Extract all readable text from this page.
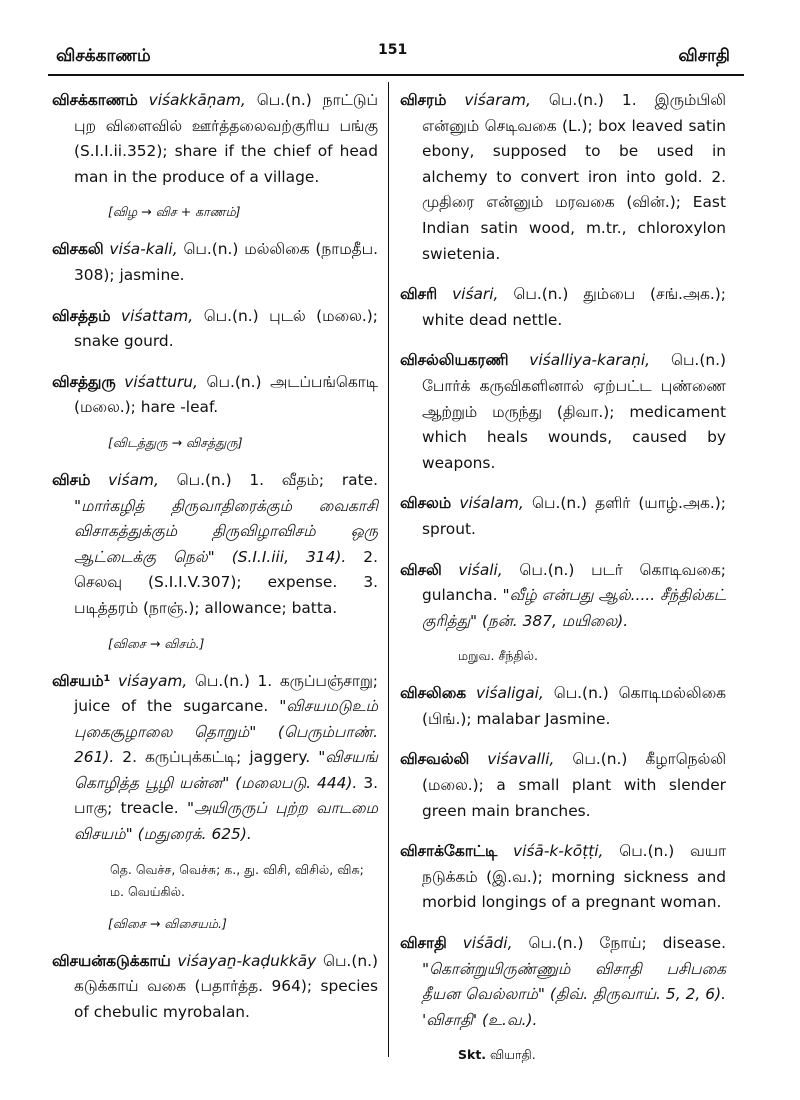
விசக்காணம்	151	விசாதி

விசக்காணம் viśakkāṇam, பெ.(n.) நாட்டுப் புற விளைவில் ஊர்த்தலைவற்குரிய பங்கு (S.I.I.ii.352); share if the chief of head man in the produce of a village.

[விழ → விச + காணம்]

விசகலி viśa-kali, பெ.(n.) மல்லிகை (நாமதீப. 308); jasmine.

விசத்தம் viśattam, பெ.(n.) புடல் (மலை.); snake gourd.

விசத்துரு viśatturu, பெ.(n.) அடப்பங்கொடி (மலை.); hare -leaf.

[விடத்துரு → விசத்துரு]

விசம் viśam, பெ.(n.) 1. வீதம்; rate. "மார்கழித் திருவாதிரைக்கும் வைகாசி விசாகத்துக்கும் திருவிழாவிசம் ஒரு ஆட்டைக்கு நெல்" (S.I.I.iii, 314). 2. செலவு (S.I.I.V.307); expense. 3. படித்தரம் (நாஞ்.); allowance; batta.

[விசை → விசம்.]

விசயம்¹ viśayam, பெ.(n.) 1. கருப்பஞ்சாறு; juice of the sugarcane. "விசயமடுஉம் புகைசூழாலை தொறும்" (பெரும்பாண். 261). 2. கருப்புக்கட்டி; jaggery. "விசயங் கொழித்த பூழி யன்ன" (மலைபடு. 444). 3. பாகு; treacle. "அயிருருப் புற்ற வாடமை விசயம்" (மதுரைக். 625).

தெ. வெச்ச, வெச்சு; க., து. விசி, விசில், விசு; ம. வெய்கில்.
[விசை → விசையம்.]

விசயன்கடுக்காய் viśayaṉ-kaḍukkāy பெ.(n.) கடுக்காய் வகை (பதார்த்த. 964); species of chebulic myrobalan.

விசரம் viśaram, பெ.(n.) 1. இரும்பிலி என்னும் செடிவகை (L.); box leaved satin ebony, supposed to be used in alchemy to convert iron into gold. 2. முதிரை என்னும் மரவகை (வின்.); East Indian satin wood, m.tr., chloroxylon swietenia.

விசரி viśari, பெ.(n.) தும்பை (சங்.அக.); white dead nettle.

விசல்லியகரணி viśalliya-karaṇi, பெ.(n.) போர்க் கருவிகளினால் ஏற்பட்ட புண்ணை ஆற்றும் மருந்து (திவா.); medicament which heals wounds, caused by weapons.

விசலம் viśalam, பெ.(n.) தளிர் (யாழ்.அக.); sprout.

விசலி viśali, பெ.(n.) படர் கொடிவகை; gulancha. "வீழ் என்பது ஆல்..... சீந்தில்கட் குரித்து" (நன். 387, மயிலை).

மறுவ. சீந்தில்.

விசலிகை viśaligai, பெ.(n.) கொடிமல்லிகை (பிங்.); malabar Jasmine.

விசவல்லி viśavalli, பெ.(n.) கீழாநெல்லி (மலை.); a small plant with slender green main branches.

விசாக்கோட்டி viśā-k-kōṭṭi, பெ.(n.) வயா நடுக்கம் (இ.வ.); morning sickness and morbid longings of a pregnant woman.

விசாதி viśādi, பெ.(n.) நோய்; disease. "கொன்றுயிருண்ணும் விசாதி பசிபகை தீயன வெல்லாம்" (திவ். திருவாய். 5, 2, 6). 'விசாதி' (உ.வ.).

Skt. வியாதி.
